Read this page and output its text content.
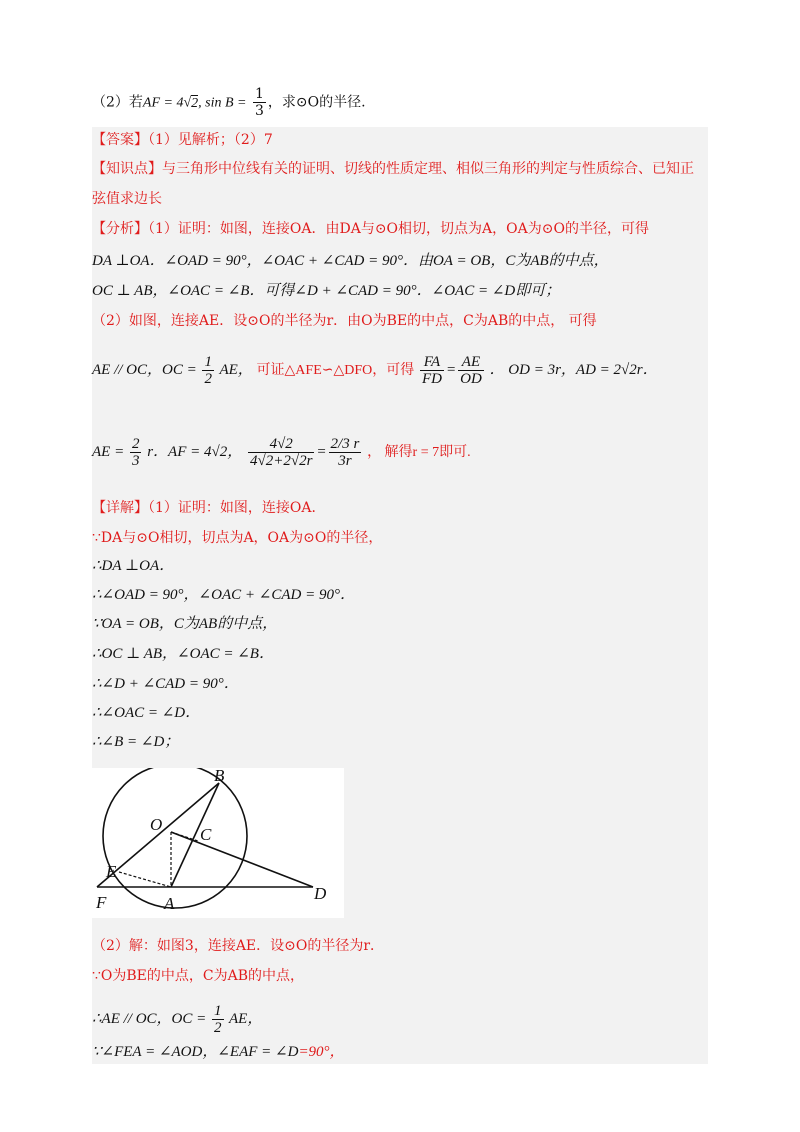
（2）若AF = 4√2, $\sin B = \frac{1}{3}$ ，求⊙O的半径.
【答案】（1）见解析；（2）7
【知识点】与三角形中位线有关的证明、切线的性质定理、相似三角形的判定与性质综合、已知正
弦值求边长
【分析】（1）证明：如图，连接OA．由DA与⊙O相切，切点为A，OA为⊙O的半径，可得
DA ⊥OA．∠OAD = 90°，∠OAC + ∠CAD = 90°．由OA = OB，C为AB的中点，
OC ⊥ AB，∠OAC = ∠B．可得∠D + ∠CAD = 90°．∠OAC = ∠D即可；
（2）如图，连接AE．设⊙O的半径为r．由O为BE的中点，C为AB的中点， 可得
AE // OC，OC = $\frac{1}{2}$ AE， 可证△AFE∽△DFO，可得 $\frac{FA}{FD} = \frac{AE}{OD}$ ． OD = 3r，AD = 2√2r．
AE = $\frac{2}{3}$ r．AF = 4√2， $\frac{4√2}{4√2+2√2r} = \frac{2/3 r}{3r}$ ， 解得r = 7即可.
【详解】（1）证明：如图，连接OA．
∵DA与⊙O相切，切点为A，OA为⊙O的半径，
∴DA ⊥OA．
∴∠OAD = 90°，∠OAC + ∠CAD = 90°．
∵OA = OB，C为AB的中点，
∴OC ⊥ AB，∠OAC = ∠B．
∴∠D + ∠CAD = 90°．
∴∠OAC = ∠D．
∴∠B = ∠D；
B
O
C
E
F	A
D
（2）解：如图3，连接AE．设⊙O的半径为r．
∵O为BE的中点，C为AB的中点，
∴AE // OC，OC = $\frac{1}{2}$ AE，
∵∠FEA = ∠AOD，∠EAF = ∠D=90°，
